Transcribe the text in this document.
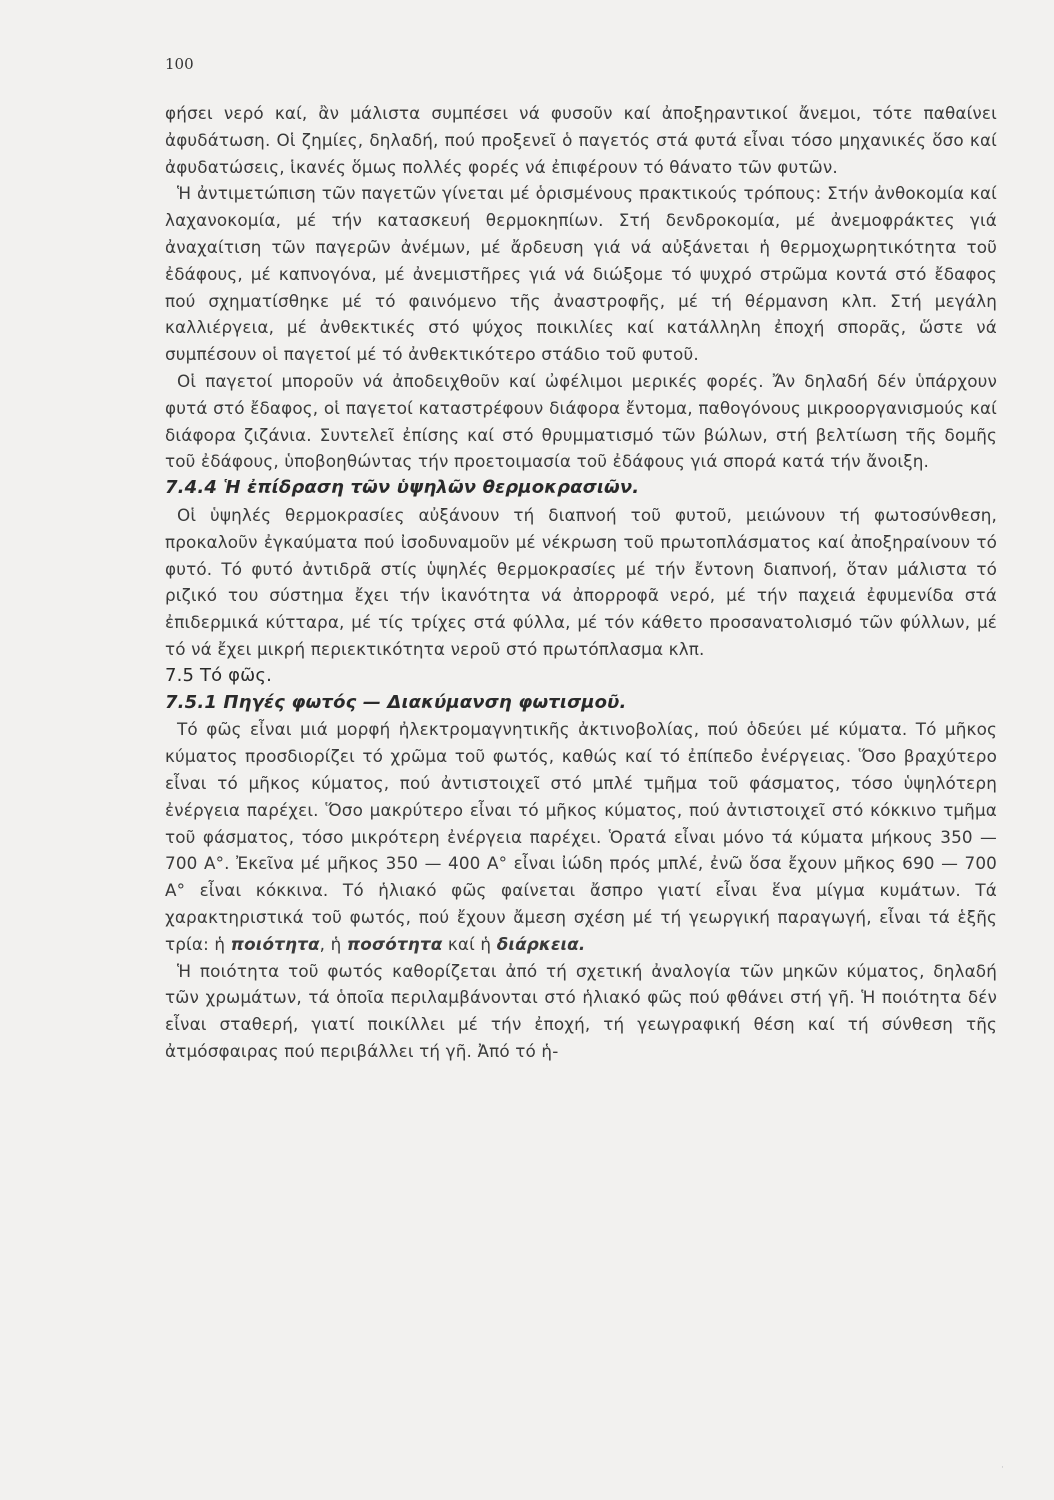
100

φήσει νερό καί, ἂν μάλιστα συμπέσει νά φυσοῦν καί ἀποξηραντικοί ἄνεμοι, τότε παθαίνει ἀφυδάτωση. Οἱ ζημίες, δηλαδή, πού προξενεῖ ὁ παγετός στά φυτά εἶναι τόσο μηχανικές ὅσο καί ἀφυδατώσεις, ἱκανές ὅμως πολλές φορές νά ἐπιφέρουν τό θάνατο τῶν φυτῶν.

Ἡ ἀντιμετώπιση τῶν παγετῶν γίνεται μέ ὁρισμένους πρακτικούς τρόπους: Στήν ἀνθοκομία καί λαχανοκομία, μέ τήν κατασκευή θερμοκηπίων. Στή δενδροκομία, μέ ἀνεμοφράκτες γιά ἀναχαίτιση τῶν παγερῶν ἀνέμων, μέ ἄρδευση γιά νά αὐξάνεται ἡ θερμοχωρητικότητα τοῦ ἐδάφους, μέ καπνογόνα, μέ ἀνεμιστῆρες γιά νά διώξομε τό ψυχρό στρῶμα κοντά στό ἔδαφος πού σχηματίσθηκε μέ τό φαινόμενο τῆς ἀναστροφῆς, μέ τή θέρμανση κλπ. Στή μεγάλη καλλιέργεια, μέ ἀνθεκτικές στό ψύχος ποικιλίες καί κατάλληλη ἐποχή σπορᾶς, ὥστε νά συμπέσουν οἱ παγετοί μέ τό ἀνθεκτικότερο στάδιο τοῦ φυτοῦ.

Οἱ παγετοί μποροῦν νά ἀποδειχθοῦν καί ὠφέλιμοι μερικές φορές. Ἄν δηλαδή δέν ὑπάρχουν φυτά στό ἔδαφος, οἱ παγετοί καταστρέφουν διάφορα ἔντομα, παθογόνους μικροοργανισμούς καί διάφορα ζιζάνια. Συντελεῖ ἐπίσης καί στό θρυμματισμό τῶν βώλων, στή βελτίωση τῆς δομῆς τοῦ ἐδάφους, ὑποβοηθώντας τήν προετοιμασία τοῦ ἐδάφους γιά σπορά κατά τήν ἄνοιξη.

7.4.4 Ἡ ἐπίδραση τῶν ὑψηλῶν θερμοκρασιῶν.

Οἱ ὑψηλές θερμοκρασίες αὐξάνουν τή διαπνοή τοῦ φυτοῦ, μειώνουν τή φωτοσύνθεση, προκαλοῦν ἐγκαύματα πού ἰσοδυναμοῦν μέ νέκρωση τοῦ πρωτοπλάσματος καί ἀποξηραίνουν τό φυτό. Τό φυτό ἀντιδρᾶ στίς ὑψηλές θερμοκρασίες μέ τήν ἔντονη διαπνοή, ὅταν μάλιστα τό ριζικό του σύστημα ἔχει τήν ἱκανότητα νά ἀπορροφᾶ νερό, μέ τήν παχειά ἐφυμενίδα στά ἐπιδερμικά κύτταρα, μέ τίς τρίχες στά φύλλα, μέ τόν κάθετο προσανατολισμό τῶν φύλλων, μέ τό νά ἔχει μικρή περιεκτικότητα νεροῦ στό πρωτόπλασμα κλπ.

7.5 Τό φῶς.

7.5.1 Πηγές φωτός — Διακύμανση φωτισμοῦ.

Τό φῶς εἶναι μιά μορφή ἠλεκτρομαγνητικῆς ἀκτινοβολίας, πού ὁδεύει μέ κύματα. Τό μῆκος κύματος προσδιορίζει τό χρῶμα τοῦ φωτός, καθώς καί τό ἐπίπεδο ἐνέργειας. Ὅσο βραχύτερο εἶναι τό μῆκος κύματος, πού ἀντιστοιχεῖ στό μπλέ τμῆμα τοῦ φάσματος, τόσο ὑψηλότερη ἐνέργεια παρέχει. Ὅσο μακρύτερο εἶναι τό μῆκος κύματος, πού ἀντιστοιχεῖ στό κόκκινο τμῆμα τοῦ φάσματος, τόσο μικρότερη ἐνέργεια παρέχει. Ὁρατά εἶναι μόνο τά κύματα μήκους 350 — 700 A°. Ἐκεῖνα μέ μῆκος 350 — 400 A° εἶναι ἰώδη πρός μπλέ, ἐνῶ ὅσα ἔχουν μῆκος 690 — 700 A° εἶναι κόκκινα. Τό ἡλιακό φῶς φαίνεται ἄσπρο γιατί εἶναι ἕνα μίγμα κυμάτων. Τά χαρακτηριστικά τοῦ φωτός, πού ἔχουν ἄμεση σχέση μέ τή γεωργική παραγωγή, εἶναι τά ἑξῆς τρία: ἡ ποιότητα, ἡ ποσότητα καί ἡ διάρκεια.

Ἡ ποιότητα τοῦ φωτός καθορίζεται ἀπό τή σχετική ἀναλογία τῶν μηκῶν κύματος, δηλαδή τῶν χρωμάτων, τά ὁποῖα περιλαμβάνονται στό ἡλιακό φῶς πού φθάνει στή γῆ. Ἡ ποιότητα δέν εἶναι σταθερή, γιατί ποικίλλει μέ τήν ἐποχή, τή γεωγραφική θέση καί τή σύνθεση τῆς ἀτμόσφαιρας πού περιβάλλει τή γῆ. Ἀπό τό ἡ-

·
